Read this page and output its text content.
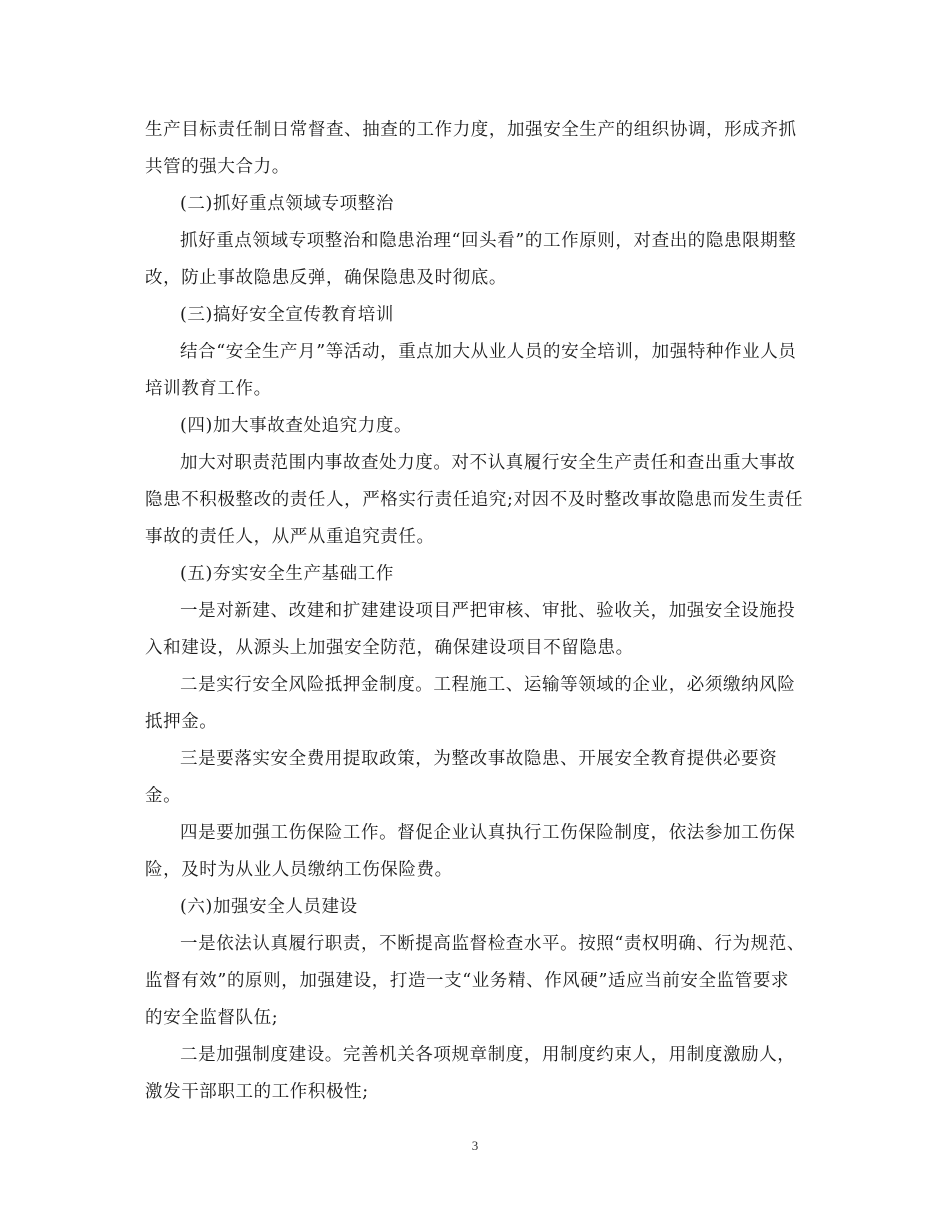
生产目标责任制日常督查、抽查的工作力度，加强安全生产的组织协调，形成齐抓共管的强大合力。

(二)抓好重点领域专项整治

抓好重点领域专项整治和隐患治理“回头看”的工作原则，对查出的隐患限期整改，防止事故隐患反弹，确保隐患及时彻底。

(三)搞好安全宣传教育培训

结合“安全生产月”等活动，重点加大从业人员的安全培训，加强特种作业人员培训教育工作。

(四)加大事故查处追究力度。

加大对职责范围内事故查处力度。对不认真履行安全生产责任和查出重大事故隐患不积极整改的责任人，严格实行责任追究;对因不及时整改事故隐患而发生责任事故的责任人，从严从重追究责任。

(五)夯实安全生产基础工作

一是对新建、改建和扩建建设项目严把审核、审批、验收关，加强安全设施投入和建设，从源头上加强安全防范，确保建设项目不留隐患。

二是实行安全风险抵押金制度。工程施工、运输等领域的企业，必须缴纳风险抵押金。

三是要落实安全费用提取政策，为整改事故隐患、开展安全教育提供必要资金。

四是要加强工伤保险工作。督促企业认真执行工伤保险制度，依法参加工伤保险，及时为从业人员缴纳工伤保险费。

(六)加强安全人员建设

一是依法认真履行职责，不断提高监督检查水平。按照“责权明确、行为规范、监督有效”的原则，加强建设，打造一支“业务精、作风硬”适应当前安全监管要求的安全监督队伍;

二是加强制度建设。完善机关各项规章制度，用制度约束人，用制度激励人，激发干部职工的工作积极性;

3
